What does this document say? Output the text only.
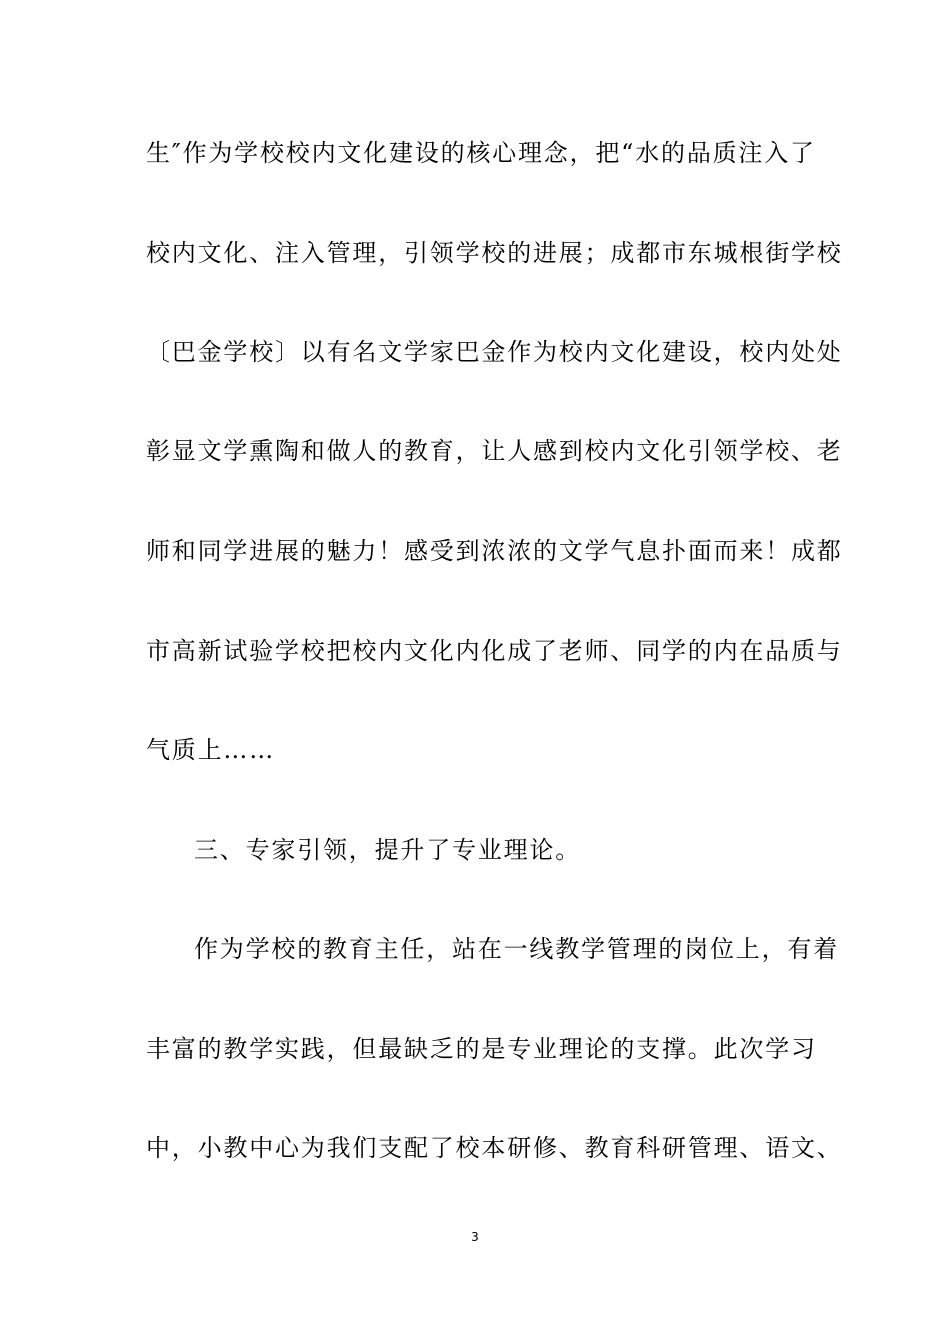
生″作为学校校内文化建设的核心理念，把“水的品质注入了
校内文化、注入管理，引领学校的进展；成都市东城根街学校
〔巴金学校〕以有名文学家巴金作为校内文化建设，校内处处
彰显文学熏陶和做人的教育，让人感到校内文化引领学校、老
师和同学进展的魅力！感受到浓浓的文学气息扑面而来！成都
市高新试验学校把校内文化内化成了老师、同学的内在品质与
气质上……
三、专家引领，提升了专业理论。
作为学校的教育主任，站在一线教学管理的岗位上，有着
丰富的教学实践，但最缺乏的是专业理论的支撑。此次学习
中，小教中心为我们支配了校本研修、教育科研管理、语文、
3
